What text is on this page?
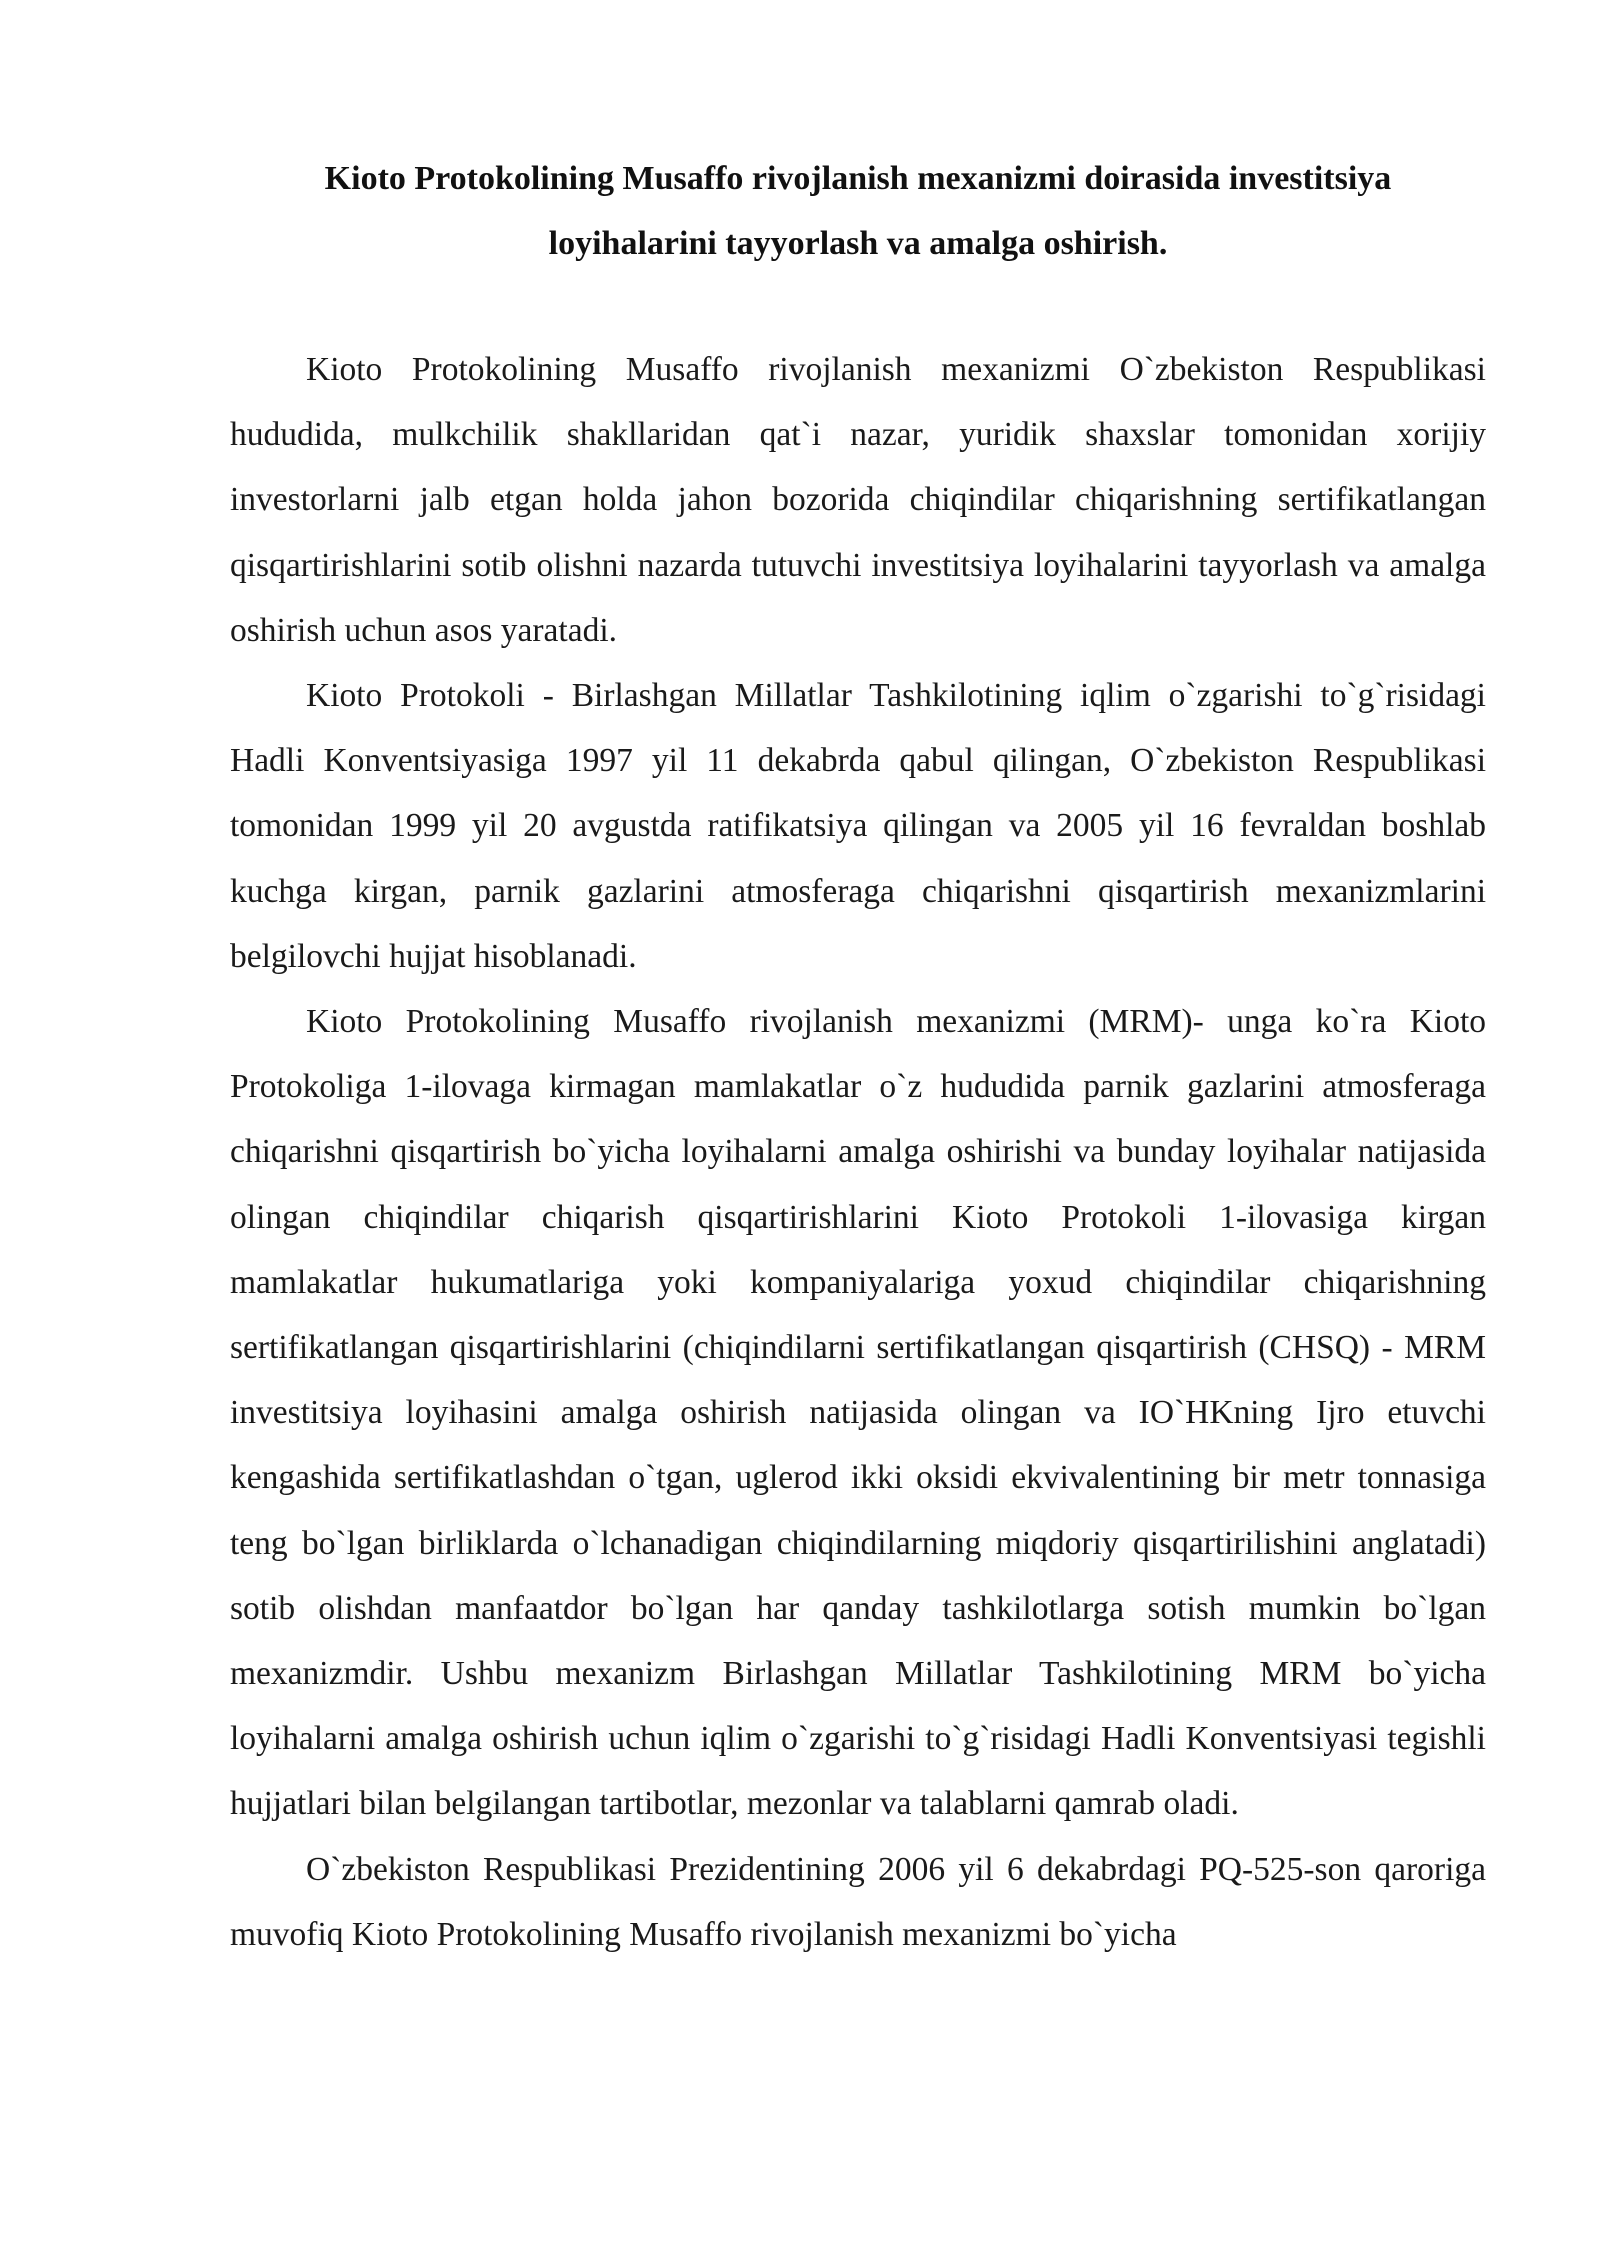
Kioto Protokolining Musaffo rivojlanish mexanizmi doirasida investitsiya
loyihalarini tayyorlash va amalga oshirish.

Kioto Protokolining Musaffo rivojlanish mexanizmi O`zbekiston Respublikasi hududida, mulkchilik shakllaridan qat`i nazar, yuridik shaxslar tomonidan xorijiy investorlarni jalb etgan holda jahon bozorida chiqindilar chiqarishning sertifikatlangan qisqartirishlarini sotib olishni nazarda tutuvchi investitsiya loyihalarini tayyorlash va amalga oshirish uchun asos yaratadi.

Kioto Protokoli - Birlashgan Millatlar Tashkilotining iqlim o`zgarishi to`g`risidagi Hadli Konventsiyasiga 1997 yil 11 dekabrda qabul qilingan, O`zbekiston Respublikasi tomonidan 1999 yil 20 avgustda ratifikatsiya qilingan va 2005 yil 16 fevraldan boshlab kuchga kirgan, parnik gazlarini atmosferaga chiqarishni qisqartirish mexanizmlarini belgilovchi hujjat hisoblanadi.

Kioto Protokolining Musaffo rivojlanish mexanizmi (MRM)- unga ko`ra Kioto Protokoliga 1-ilovaga kirmagan mamlakatlar o`z hududida parnik gazlarini atmosferaga chiqarishni qisqartirish bo`yicha loyihalarni amalga oshirishi va bunday loyihalar natijasida olingan chiqindilar chiqarish qisqartirishlarini Kioto Protokoli 1-ilovasiga kirgan mamlakatlar hukumatlariga yoki kompaniyalariga yoxud chiqindilar chiqarishning sertifikatlangan qisqartirishlarini (chiqindilarni sertifikatlangan qisqartirish (CHSQ) - MRM investitsiya loyihasini amalga oshirish natijasida olingan va IO`HKning Ijro etuvchi kengashida sertifikatlashdan o`tgan, uglerod ikki oksidi ekvivalentining bir metr tonnasiga teng bo`lgan birliklarda o`lchanadigan chiqindilarning miqdoriy qisqartirilishini anglatadi) sotib olishdan manfaatdor bo`lgan har qanday tashkilotlarga sotish mumkin bo`lgan mexanizmdir. Ushbu mexanizm Birlashgan Millatlar Tashkilotining MRM bo`yicha loyihalarni amalga oshirish uchun iqlim o`zgarishi to`g`risidagi Hadli Konventsiyasi tegishli hujjatlari bilan belgilangan tartibotlar, mezonlar va talablarni qamrab oladi.

O`zbekiston Respublikasi Prezidentining 2006 yil 6 dekabrdagi PQ-525-son qaroriga muvofiq Kioto Protokolining Musaffo rivojlanish mexanizmi bo`yicha
